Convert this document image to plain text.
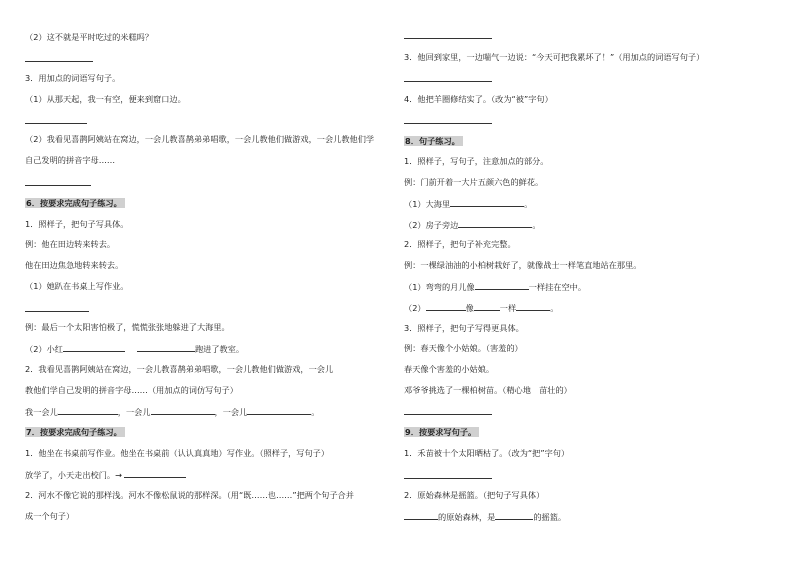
（2）这不就是平时吃过的米糕吗？
3．用加点的词语写句子。
（1）从那天起，我一有空，便来到窟口边。
（2）我看见喜鹊阿姨站在窝边，一会儿教喜鹊弟弟唱歌，一会儿教他们做游戏，一会儿教他们学
自己发明的拼音字母……
6．按要求完成句子练习。
1．照样子，把句子写具体。
例：他在田边转来转去。
他在田边焦急地转来转去。
（1）她趴在书桌上写作业。
例：最后一个太阳害怕极了，慌慌张张地躲进了大海里。
（2）小红	跑进了教室。
2．我看见喜鹊阿姨站在窝边，一会儿教喜鹊弟弟唱歌，一会儿教他们做游戏，一会儿
教他们学自己发明的拼音字母……（用加点的词仿写句子）
我一会儿	，一会儿	，一会儿	。
7．按要求完成句子练习。
1．他坐在书桌前写作业。他坐在书桌前（认认真真地）写作业。（照样子，写句子）
放学了，小天走出校门。→
2．河水不像它说的那样浅。河水不像松鼠说的那样深。（用“既……也……”把两个句子合并
成一个句子）
3．他回到家里，一边喘气一边说：“今天可把我累坏了！”（用加点的词语写句子）
4．他把羊圈修结实了。（改为“被”字句）
8．句子练习。
1．照样子，写句子，注意加点的部分。
例：门前开着一大片五颜六色的鲜花。
（1）大海里	。
（2）房子旁边	。
2．照样子，把句子补充完整。
例：一棵绿油油的小柏树栽好了，就像战士一样笔直地站在那里。
（1）弯弯的月儿像	一样挂在空中。
（2）	像	一样	。
3．照样子，把句子写得更具体。
例：春天像个小姑娘。（害羞的）
春天像个害羞的小姑娘。
邓爷爷挑选了一棵柏树苗。（精心地　苗壮的）
9．按要求写句子。
1．禾苗被十个太阳晒枯了。（改为“把”字句）
2．原始森林是摇篮。（把句子写具体）
的原始森林，是	的摇篮。
